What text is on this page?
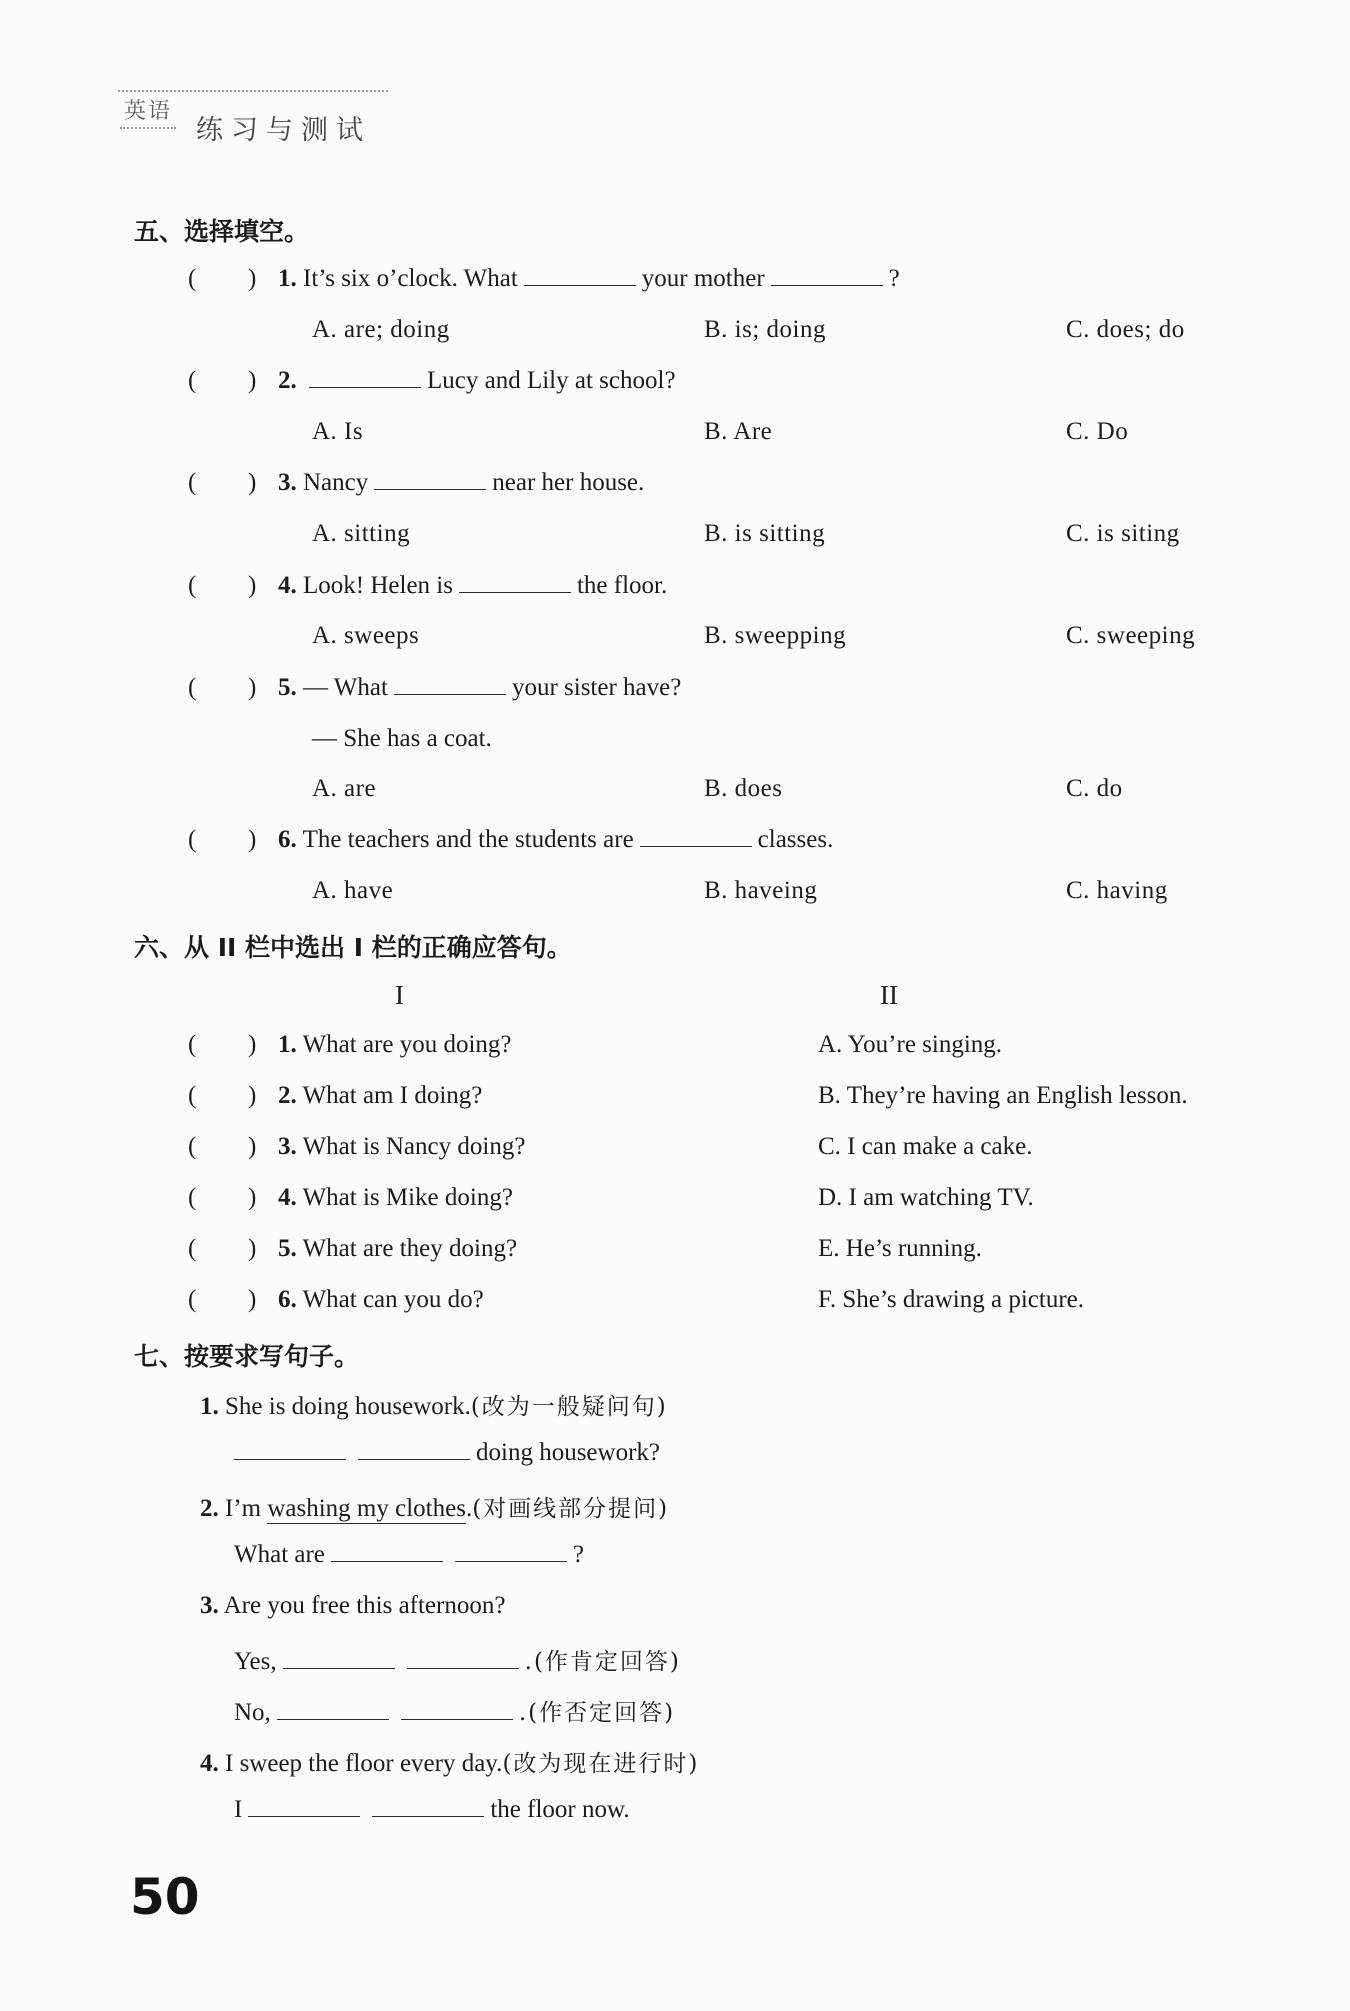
英语
练习与测试
五、选择填空。
( ) 1. It’s six o’clock. What	your mother	?
A. are; doing	B. is; doing	C. does; do
( ) 2.	Lucy and Lily at school?
A. Is	B. Are	C. Do
( ) 3. Nancy	near her house.
A. sitting	B. is sitting	C. is siting
( ) 4. Look! Helen is	the floor.
A. sweeps	B. sweepping	C. sweeping
( ) 5. — What	your sister have?
— She has a coat.
A. are	B. does	C. do
( ) 6. The teachers and the students are	classes.
A. have	B. haveing	C. having
六、从 II 栏中选出 I 栏的正确应答句。
I	II
( ) 1. What are you doing?	A. You’re singing.
( ) 2. What am I doing?	B. They’re having an English lesson.
( ) 3. What is Nancy doing?	C. I can make a cake.
( ) 4. What is Mike doing?	D. I am watching TV.
( ) 5. What are they doing?	E. He’s running.
( ) 6. What can you do?	F. She’s drawing a picture.
七、按要求写句子。
1. She is doing housework.(改为一般疑问句)
doing housework?
2. I’m washing my clothes.(对画线部分提问)
What are	?
3. Are you free this afternoon?
Yes,	.(作肯定回答)
No,	.(作否定回答)
4. I sweep the floor every day.(改为现在进行时)
I	the floor now.
50
